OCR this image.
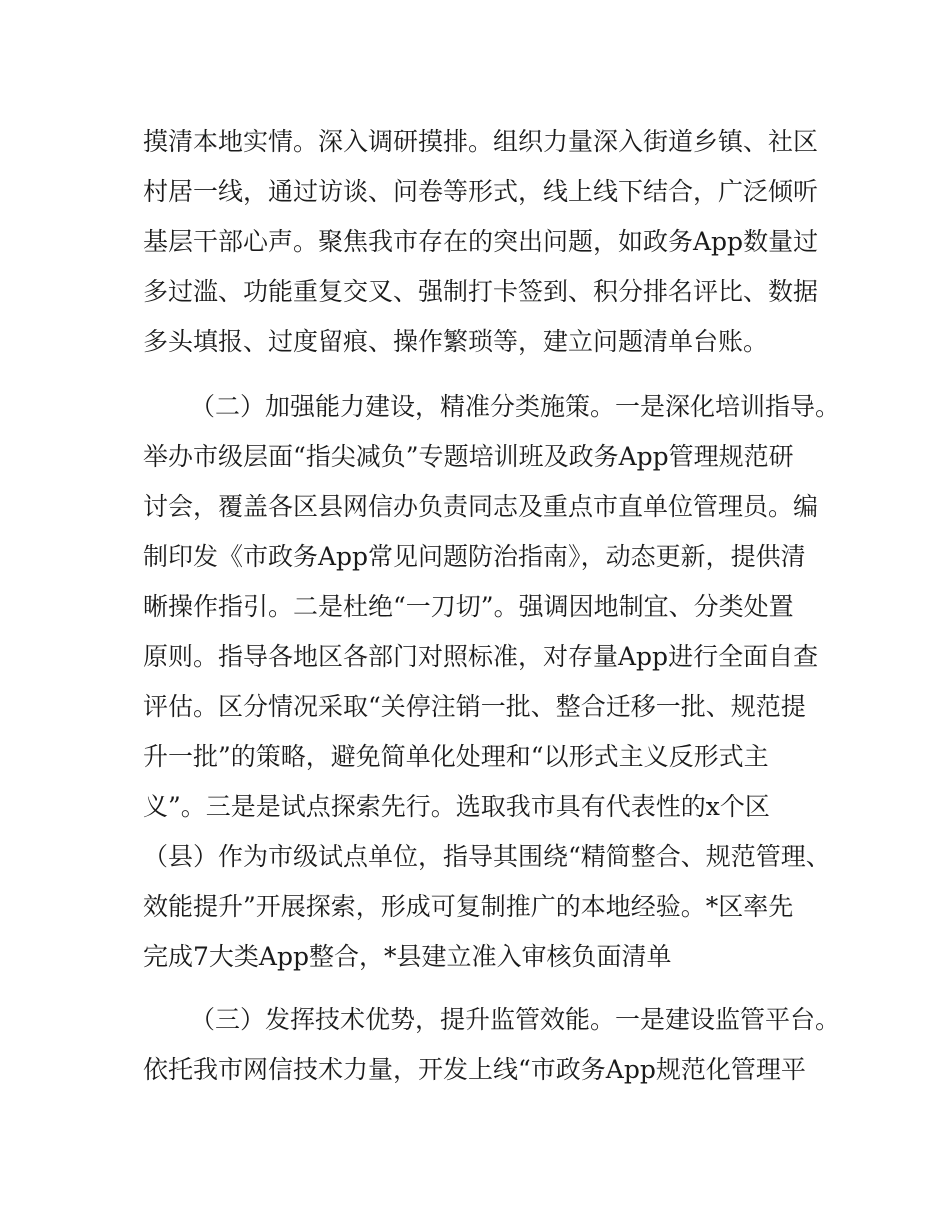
摸清本地实情。深入调研摸排。组织力量深入街道乡镇、社区
村居一线，通过访谈、问卷等形式，线上线下结合，广泛倾听
基层干部心声。聚焦我市存在的突出问题，如政务App数量过
多过滥、功能重复交叉、强制打卡签到、积分排名评比、数据
多头填报、过度留痕、操作繁琐等，建立问题清单台账。
（二）加强能力建设，精准分类施策。一是深化培训指导。
举办市级层面“指尖减负”专题培训班及政务App管理规范研
讨会，覆盖各区县网信办负责同志及重点市直单位管理员。编
制印发《市政务App常见问题防治指南》，动态更新，提供清
晰操作指引。二是杜绝“一刀切”。强调因地制宜、分类处置
原则。指导各地区各部门对照标准，对存量App进行全面自查
评估。区分情况采取“关停注销一批、整合迁移一批、规范提
升一批”的策略，避免简单化处理和“以形式主义反形式主
义”。三是是试点探索先行。选取我市具有代表性的x个区
（县）作为市级试点单位，指导其围绕“精简整合、规范管理、
效能提升”开展探索，形成可复制推广的本地经验。*区率先
完成7大类App整合，*县建立准入审核负面清单
（三）发挥技术优势，提升监管效能。一是建设监管平台。
依托我市网信技术力量，开发上线“市政务App规范化管理平
